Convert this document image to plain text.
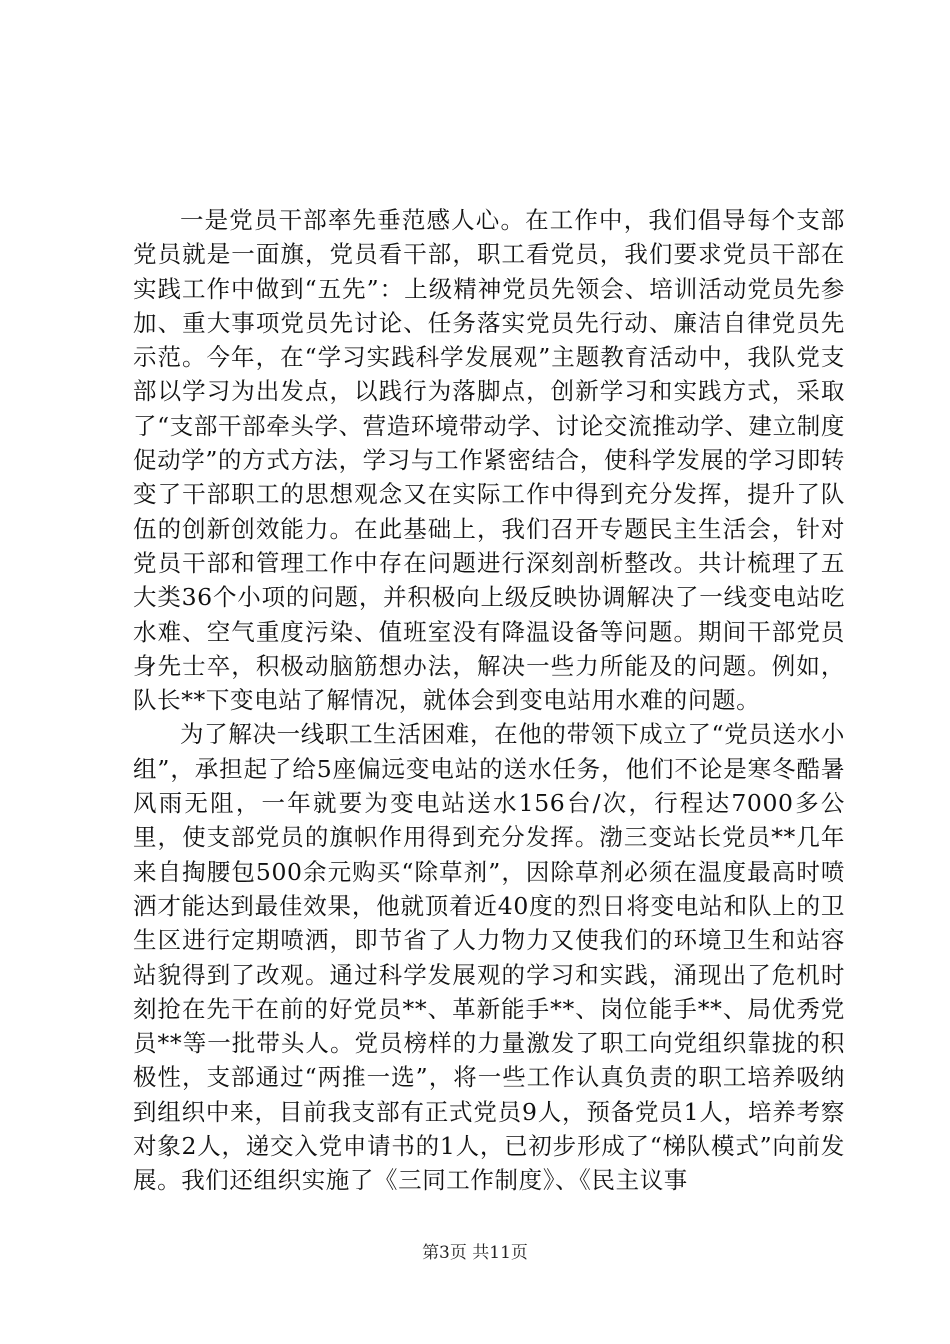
一是党员干部率先垂范感人心。在工作中，我们倡导每个支部党员就是一面旗，党员看干部，职工看党员，我们要求党员干部在实践工作中做到“五先”：上级精神党员先领会、培训活动党员先参加、重大事项党员先讨论、任务落实党员先行动、廉洁自律党员先示范。今年，在“学习实践科学发展观”主题教育活动中，我队党支部以学习为出发点，以践行为落脚点，创新学习和实践方式，采取了“支部干部牵头学、营造环境带动学、讨论交流推动学、建立制度促动学”的方式方法，学习与工作紧密结合，使科学发展的学习即转变了干部职工的思想观念又在实际工作中得到充分发挥，提升了队伍的创新创效能力。在此基础上，我们召开专题民主生活会，针对党员干部和管理工作中存在问题进行深刻剖析整改。共计梳理了五大类36个小项的问题，并积极向上级反映协调解决了一线变电站吃水难、空气重度污染、值班室没有降温设备等问题。期间干部党员身先士卒，积极动脑筋想办法，解决一些力所能及的问题。例如，队长**下变电站了解情况，就体会到变电站用水难的问题。

为了解决一线职工生活困难，在他的带领下成立了“党员送水小组”，承担起了给5座偏远变电站的送水任务，他们不论是寒冬酷暑风雨无阻，一年就要为变电站送水156台/次，行程达7000多公里，使支部党员的旗帜作用得到充分发挥。渤三变站长党员**几年来自掏腰包500余元购买“除草剂”，因除草剂必须在温度最高时喷洒才能达到最佳效果，他就顶着近40度的烈日将变电站和队上的卫生区进行定期喷洒，即节省了人力物力又使我们的环境卫生和站容站貌得到了改观。通过科学发展观的学习和实践，涌现出了危机时刻抢在先干在前的好党员**、革新能手**、岗位能手**、局优秀党员**等一批带头人。党员榜样的力量激发了职工向党组织靠拢的积极性，支部通过“两推一选”，将一些工作认真负责的职工培养吸纳到组织中来，目前我支部有正式党员9人，预备党员1人，培养考察对象2人，递交入党申请书的1人，已初步形成了“梯队模式”向前发展。我们还组织实施了《三同工作制度》、《民主议事

第3页 共11页
